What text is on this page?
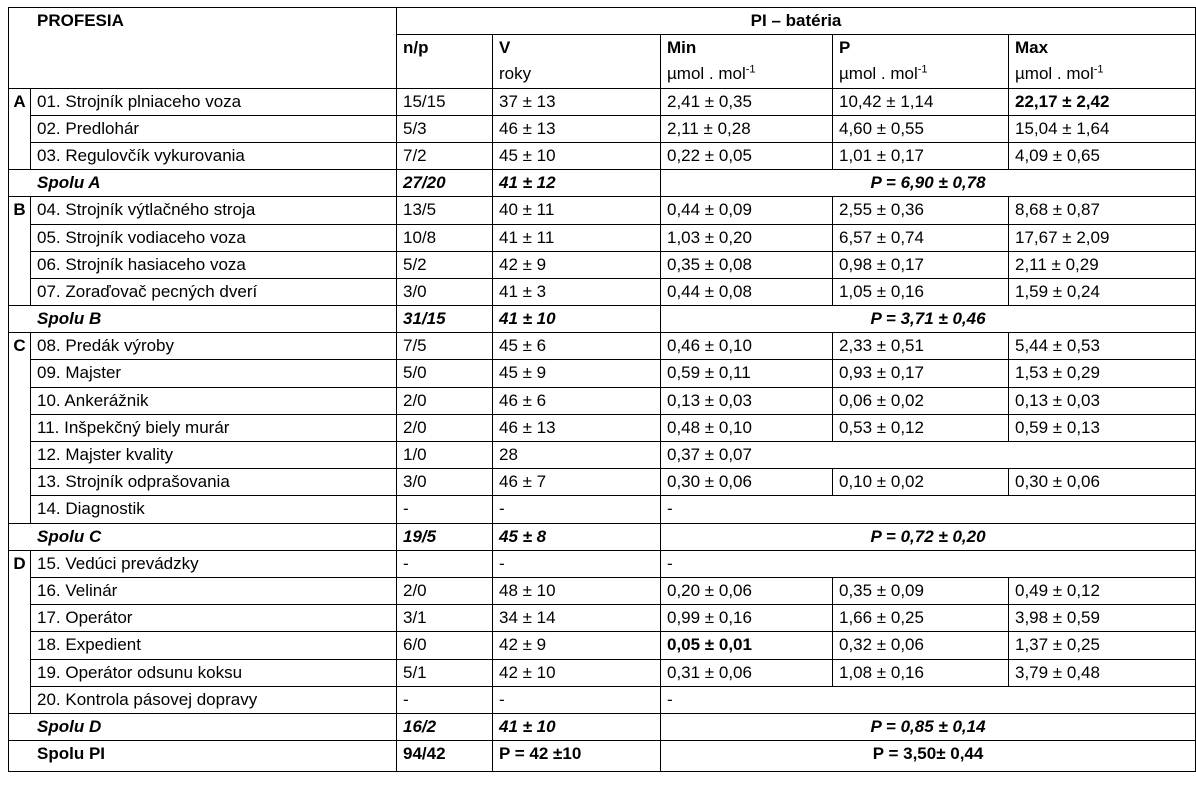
PROFESIA		PI – batéria				
		n/p	V	Min	P	Max
			roky	µmol . mol$^{-1}$	µmol . mol$^{-1}$	µmol . mol$^{-1}$
A	01. Strojník plniaceho voza	15/15	37 ± 13	2,41 ± 0,35	10,42 ± 1,14	22,17 ± 2,42
	02. Predlohár	5/3	46 ± 13	2,11 ± 0,28	4,60 ± 0,55	15,04 ± 1,64
	03. Regulovčík vykurovania	7/2	45 ± 10	0,22 ± 0,05	1,01 ± 0,17	4,09 ± 0,65
Spolu A		27/20	41 ± 12	P = 6,90 ± 0,78		
B	04. Strojník výtlačného stroja	13/5	40 ± 11	0,44 ± 0,09	2,55 ± 0,36	8,68 ± 0,87
	05. Strojník vodiaceho voza	10/8	41 ± 11	1,03 ± 0,20	6,57 ± 0,74	17,67 ± 2,09
	06. Strojník hasiaceho voza	5/2	42 ± 9	0,35 ± 0,08	0,98 ± 0,17	2,11 ± 0,29
	07. Zoraďovač pecných dverí	3/0	41 ± 3	0,44 ± 0,08	1,05 ± 0,16	1,59 ± 0,24
Spolu B		31/15	41 ± 10	P = 3,71 ± 0,46		
C	08. Predák výroby	7/5	45 ± 6	0,46 ± 0,10	2,33 ± 0,51	5,44 ± 0,53
	09. Majster	5/0	45 ± 9	0,59 ± 0,11	0,93 ± 0,17	1,53 ± 0,29
	10. Ankerážnik	2/0	46 ± 6	0,13 ± 0,03	0,06 ± 0,02	0,13 ± 0,03
	11. Inšpekčný biely murár	2/0	46 ± 13	0,48 ± 0,10	0,53 ± 0,12	0,59 ± 0,13
	12. Majster kvality	1/0	28	0,37 ± 0,07		
	13. Strojník odprašovania	3/0	46 ± 7	0,30 ± 0,06	0,10 ± 0,02	0,30 ± 0,06
	14. Diagnostik	-	-	-		
Spolu C		19/5	45 ± 8	P = 0,72 ± 0,20		
D	15. Vedúci prevádzky	-	-	-		
	16. Velinár	2/0	48 ± 10	0,20 ± 0,06	0,35 ± 0,09	0,49 ± 0,12
	17. Operátor	3/1	34 ± 14	0,99 ± 0,16	1,66 ± 0,25	3,98 ± 0,59
	18. Expedient	6/0	42 ± 9	0,05 ± 0,01	0,32 ± 0,06	1,37 ± 0,25
	19. Operátor odsunu koksu	5/1	42 ± 10	0,31 ± 0,06	1,08 ± 0,16	3,79 ± 0,48
	20. Kontrola pásovej dopravy	-	-	-		
Spolu D		16/2	41 ± 10	P = 0,85 ± 0,14		
Spolu PI		94/42	P = 42 ±10	P = 3,50± 0,44		
